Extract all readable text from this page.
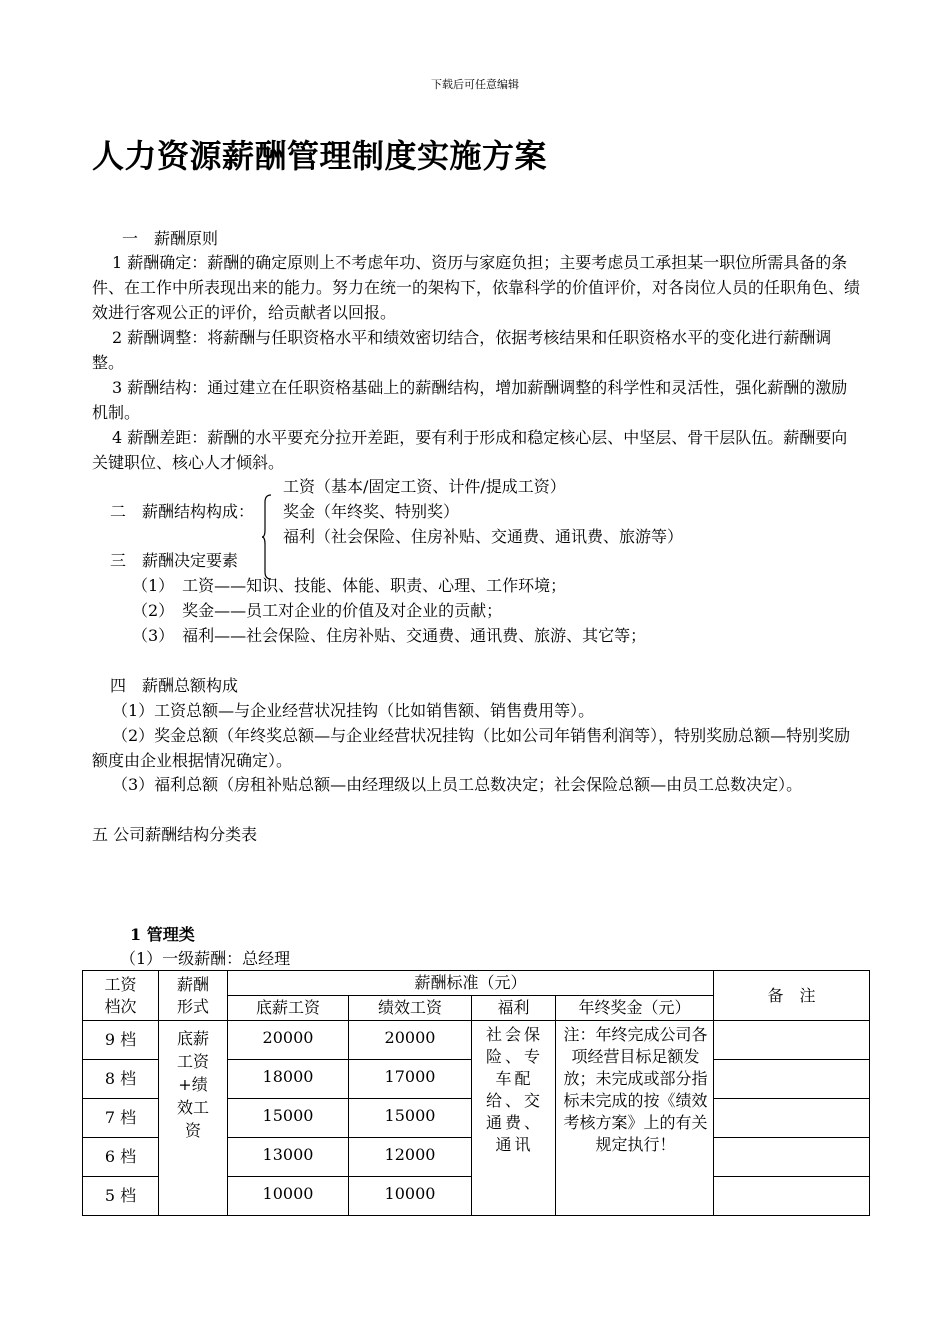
下载后可任意编辑
人力资源薪酬管理制度实施方案
一　薪酬原则
1 薪酬确定：薪酬的确定原则上不考虑年功、资历与家庭负担；主要考虑员工承担某一职位所需具备的条件、在工作中所表现出来的能力。努力在统一的架构下，依靠科学的价值评价，对各岗位人员的任职角色、绩效进行客观公正的评价，给贡献者以回报。
2 薪酬调整：将薪酬与任职资格水平和绩效密切结合，依据考核结果和任职资格水平的变化进行薪酬调整。
3 薪酬结构：通过建立在任职资格基础上的薪酬结构，增加薪酬调整的科学性和灵活性，强化薪酬的激励机制。
4 薪酬差距：薪酬的水平要充分拉开差距，要有利于形成和稳定核心层、中坚层、骨干层队伍。薪酬要向关键职位、核心人才倾斜。
工资（基本/固定工资、计件/提成工资）
二　薪酬结构构成： 奖金（年终奖、特别奖）
福利（社会保险、住房补贴、交通费、通讯费、旅游等）
三　薪酬决定要素
（1）　工资——知识、技能、体能、职责、心理、工作环境；
（2）　奖金——员工对企业的价值及对企业的贡献；
（3）　福利——社会保险、住房补贴、交通费、通讯费、旅游、其它等；
四　薪酬总额构成
（1）工资总额—与企业经营状况挂钩（比如销售额、销售费用等）。
（2）奖金总额（年终奖总额—与企业经营状况挂钩（比如公司年销售利润等），特别奖励总额—特别奖励额度由企业根据情况确定）。
（3）福利总额（房租补贴总额—由经理级以上员工总数决定；社会保险总额—由员工总数决定）。
五 公司薪酬结构分类表
1 管理类
（1）一级薪酬：总经理
工资档次	薪酬形式	薪酬标准（元）				备　注
		底薪工资	绩效工资	福利	年终奖金（元）	
9 档	底薪工资+绩效工资	20000	20000	社会保险、专车配给、交通费、通讯	注：年终完成公司各项经营目标足额发放；未完成或部分指标未完成的按《绩效考核方案》上的有关规定执行！	
8 档		18000	17000			
7 档		15000	15000			
6 档		13000	12000			
5 档		10000	10000			
